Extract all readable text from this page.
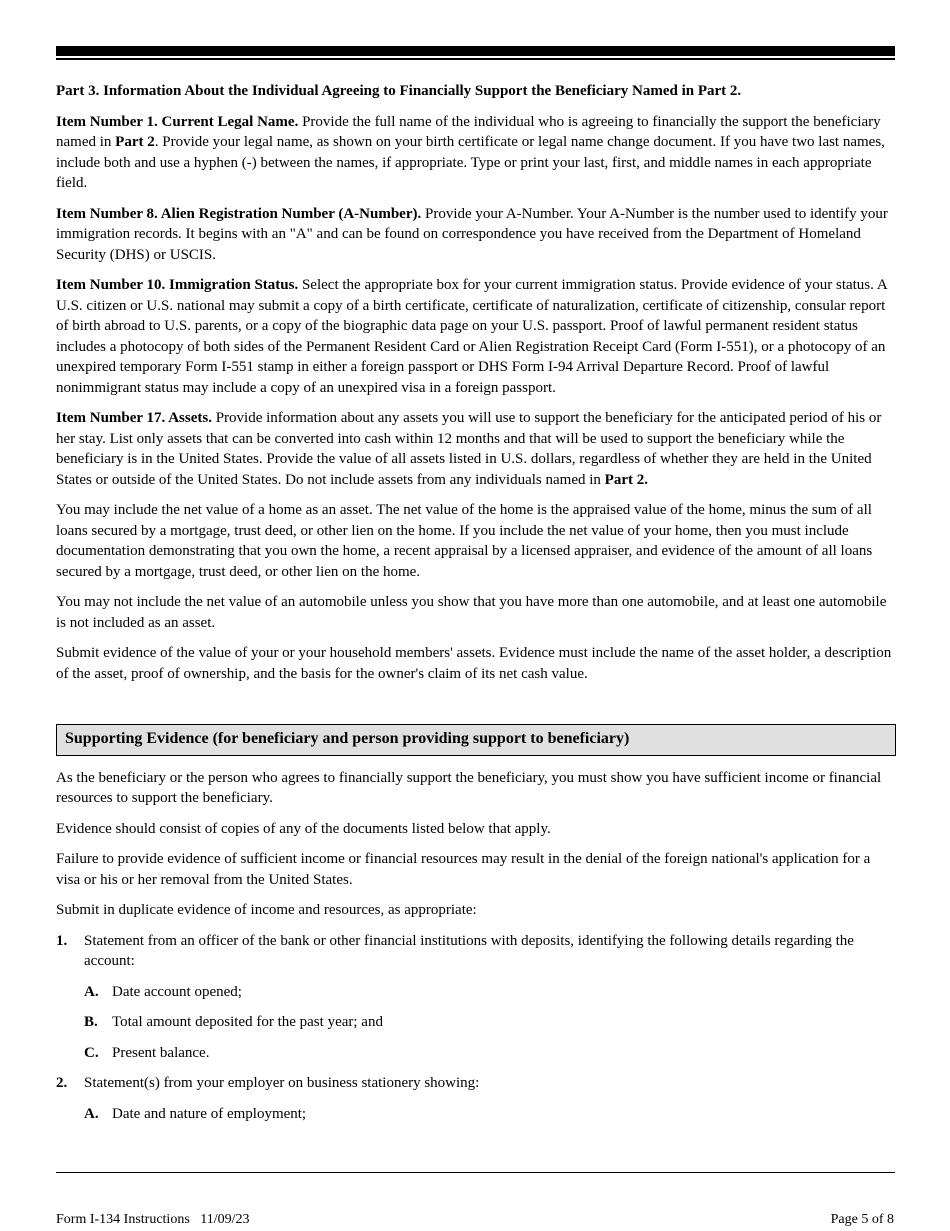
Part 3. Information About the Individual Agreeing to Financially Support the Beneficiary Named in Part 2.

Item Number 1. Current Legal Name. Provide the full name of the individual who is agreeing to financially the support the beneficiary named in Part 2. Provide your legal name, as shown on your birth certificate or legal name change document. If you have two last names, include both and use a hyphen (-) between the names, if appropriate. Type or print your last, first, and middle names in each appropriate field.

Item Number 8. Alien Registration Number (A-Number). Provide your A-Number. Your A-Number is the number used to identify your immigration records. It begins with an "A" and can be found on correspondence you have received from the Department of Homeland Security (DHS) or USCIS.

Item Number 10. Immigration Status. Select the appropriate box for your current immigration status. Provide evidence of your status. A U.S. citizen or U.S. national may submit a copy of a birth certificate, certificate of naturalization, certificate of citizenship, consular report of birth abroad to U.S. parents, or a copy of the biographic data page on your U.S. passport. Proof of lawful permanent resident status includes a photocopy of both sides of the Permanent Resident Card or Alien Registration Receipt Card (Form I-551), or a photocopy of an unexpired temporary Form I-551 stamp in either a foreign passport or DHS Form I-94 Arrival Departure Record. Proof of lawful nonimmigrant status may include a copy of an unexpired visa in a foreign passport.

Item Number 17. Assets. Provide information about any assets you will use to support the beneficiary for the anticipated period of his or her stay. List only assets that can be converted into cash within 12 months and that will be used to support the beneficiary while the beneficiary is in the United States. Provide the value of all assets listed in U.S. dollars, regardless of whether they are held in the United States or outside of the United States. Do not include assets from any individuals named in Part 2.

You may include the net value of a home as an asset. The net value of the home is the appraised value of the home, minus the sum of all loans secured by a mortgage, trust deed, or other lien on the home. If you include the net value of your home, then you must include documentation demonstrating that you own the home, a recent appraisal by a licensed appraiser, and evidence of the amount of all loans secured by a mortgage, trust deed, or other lien on the home.

You may not include the net value of an automobile unless you show that you have more than one automobile, and at least one automobile is not included as an asset.

Submit evidence of the value of your or your household members' assets. Evidence must include the name of the asset holder, a description of the asset, proof of ownership, and the basis for the owner's claim of its net cash value.

Supporting Evidence (for beneficiary and person providing support to beneficiary)

As the beneficiary or the person who agrees to financially support the beneficiary, you must show you have sufficient income or financial resources to support the beneficiary.

Evidence should consist of copies of any of the documents listed below that apply.

Failure to provide evidence of sufficient income or financial resources may result in the denial of the foreign national's application for a visa or his or her removal from the United States.

Submit in duplicate evidence of income and resources, as appropriate:

1.	Statement from an officer of the bank or other financial institutions with deposits, identifying the following details regarding the account:
A. Date account opened;
B. Total amount deposited for the past year; and
C. Present balance.
2.	Statement(s) from your employer on business stationery showing:
A. Date and nature of employment;
Form I-134 Instructions   11/09/23	Page 5 of 8
